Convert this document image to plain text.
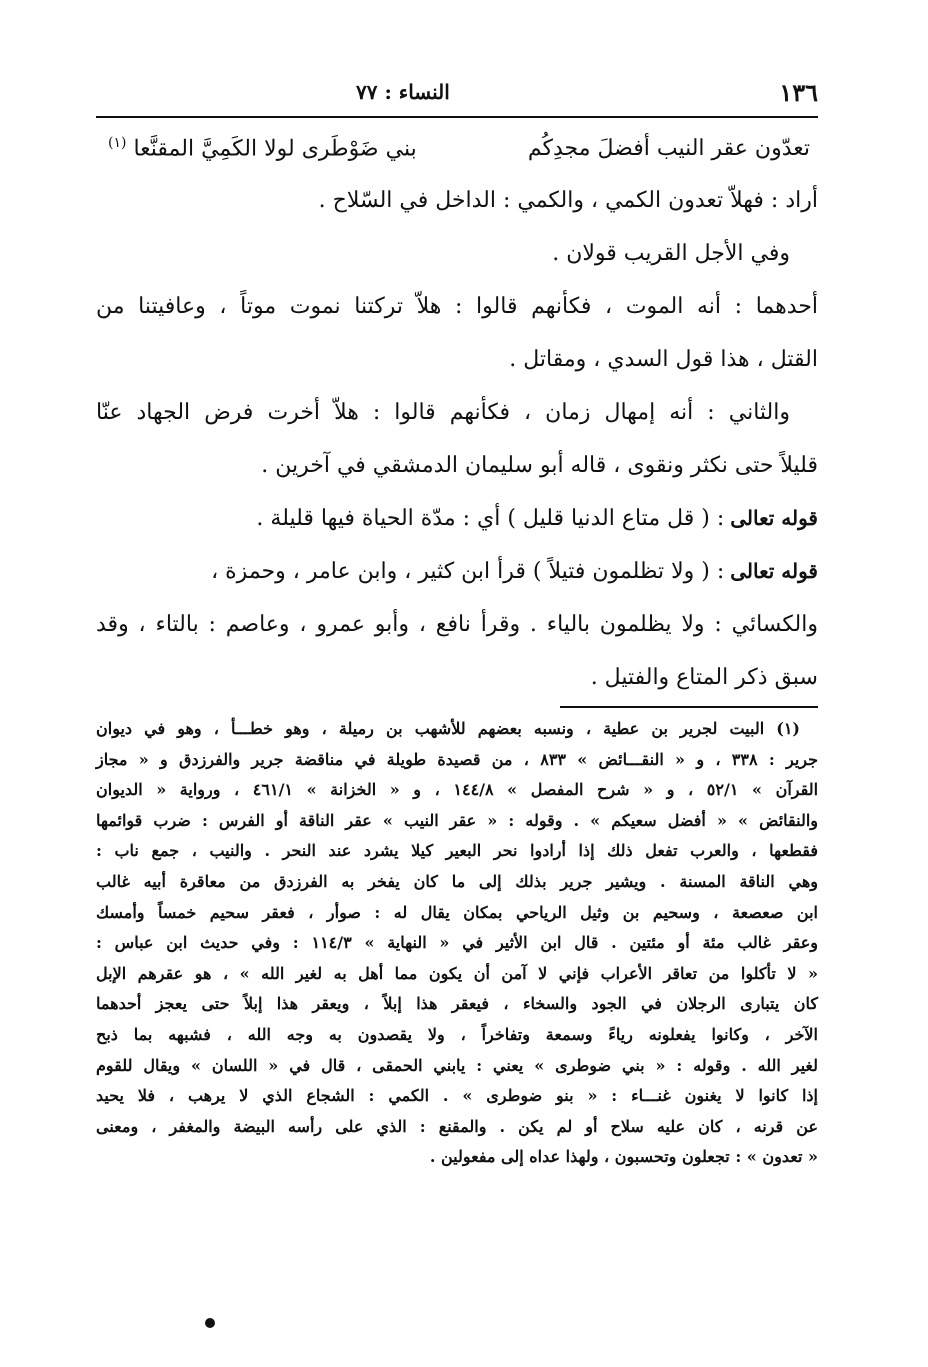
١٣٦
النساء : ٧٧
تعدّون عقر النيب أفضلَ مجدِكُم
بني ضَوْطَرى لولا الكَمِيَّ المقنَّعا $^{(١)}$
أراد : فهلاّ تعدون الكمي ، والكمي : الداخل في السّلاح .
وفي الأجل القريب قولان .
أحدهما : أنه الموت ، فكأنهم قالوا : هلاّ تركتنا نموت موتاً ، وعافيتنا من
القتل ، هذا قول السدي ، ومقاتل .
والثاني : أنه إمهال زمان ، فكأنهم قالوا : هلاّ أخرت فرض الجهاد عنّا
قليلاً حتى نكثر ونقوى ، قاله أبو سليمان الدمشقي في آخرين .
قوله تعالى: ( قل متاع الدنيا قليل ) أي : مدّة الحياة فيها قليلة .
قوله تعالى: ( ولا تظلمون فتيلاً ) قرأ ابن كثير ، وابن عامر ، وحمزة ،
والكسائي : ولا يظلمون بالياء . وقرأ نافع ، وأبو عمرو ، وعاصم : بالتاء ، وقد
سبق ذكر المتاع والفتيل .
(١) البيت لجرير بن عطية ، ونسبه بعضهم للأشهب بن رميلة ، وهو خطـــأ ، وهو في ديوان
جرير : ٣٣٨ ، و « النقـــائض » ٨٣٣ ، من قصيدة طويلة في مناقضة جرير والفرزدق و « مجاز
القرآن » ٥٢/١ ، و « شرح المفصل » ١٤٤/٨ ، و « الخزانة » ٤٦١/١ ، ورواية « الديوان
والنقائض » « أفضل سعيكم » . وقوله : « عقر النيب » عقر الناقة أو الفرس : ضرب قوائمها
فقطعها ، والعرب تفعل ذلك إذا أرادوا نحر البعير كيلا يشرد عند النحر . والنيب ، جمع ناب :
وهي الناقة المسنة . ويشير جرير بذلك إلى ما كان يفخر به الفرزدق من معاقرة أبيه غالب
ابن صعصعة ، وسحيم بن وثيل الرياحي بمكان يقال له : صوأر ، فعقر سحيم خمساً وأمسك
وعقر غالب مئة أو مئتين . قال ابن الأثير في « النهاية » ١١٤/٣ : وفي حديث ابن عباس :
« لا تأكلوا من تعاقر الأعراب فإني لا آمن أن يكون مما أهل به لغير الله » ، هو عقرهم الإبل
كان يتبارى الرجلان في الجود والسخاء ، فيعقر هذا إبلاً ، ويعقر هذا إبلاً حتى يعجز أحدهما
الآخر ، وكانوا يفعلونه رياءً وسمعة وتفاخراً ، ولا يقصدون به وجه الله ، فشبهه بما ذبح
لغير الله . وقوله : « بني ضوطرى » يعني : يابني الحمقى ، قال في « اللسان » ويقال للقوم
إذا كانوا لا يغنون غنـــاء : « بنو ضوطرى » . الكمي : الشجاع الذي لا يرهب ، فلا يحيد
عن قرنه ، كان عليه سلاح أو لم يكن . والمقنع : الذي على رأسه البيضة والمغفر ، ومعنى
« تعدون » : تجعلون وتحسبون ، ولهذا عداه إلى مفعولين .
